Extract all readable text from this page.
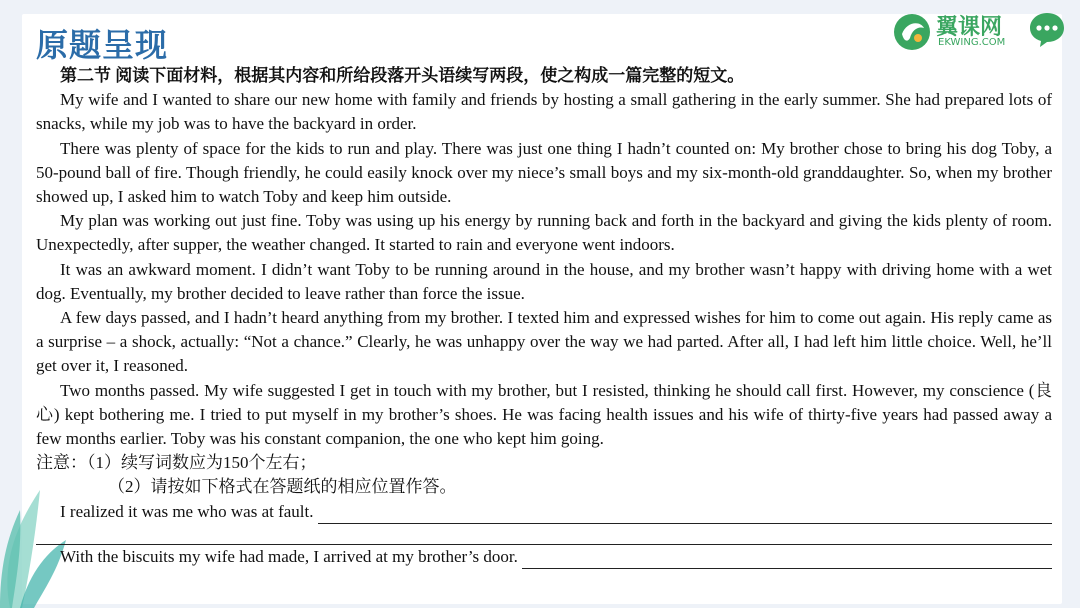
原题呈现	翼课网
EKWING.COM
第二节 阅读下面材料，根据其内容和所给段落开头语续写两段，使之构成一篇完整的短文。

My wife and I wanted to share our new home with family and friends by hosting a small gathering in the early summer. She had prepared lots of snacks, while my job was to have the backyard in order.

There was plenty of space for the kids to run and play. There was just one thing I hadn’t counted on: My brother chose to bring his dog Toby, a 50-pound ball of fire. Though friendly, he could easily knock over my niece’s small boys and my six-month-old granddaughter. So, when my brother showed up, I asked him to watch Toby and keep him outside.

My plan was working out just fine. Toby was using up his energy by running back and forth in the backyard and giving the kids plenty of room. Unexpectedly, after supper, the weather changed. It started to rain and everyone went indoors.

It was an awkward moment. I didn’t want Toby to be running around in the house, and my brother wasn’t happy with driving home with a wet dog. Eventually, my brother decided to leave rather than force the issue.

A few days passed, and I hadn’t heard anything from my brother. I texted him and expressed wishes for him to come out again. His reply came as a surprise – a shock, actually: “Not a chance.” Clearly, he was unhappy over the way we had parted. After all, I had left him little choice. Well, he’ll get over it, I reasoned.

Two months passed. My wife suggested I get in touch with my brother, but I resisted, thinking he should call first. However, my conscience (良心) kept bothering me. I tried to put myself in my brother’s shoes. He was facing health issues and his wife of thirty-five years had passed away a few months earlier. Toby was his constant companion, the one who kept him going.

注意：（1）续写词数应为150个左右；
（2）请按如下格式在答题纸的相应位置作答。
I realized it was me who was at fault.
With the biscuits my wife had made, I arrived at my brother’s door.
